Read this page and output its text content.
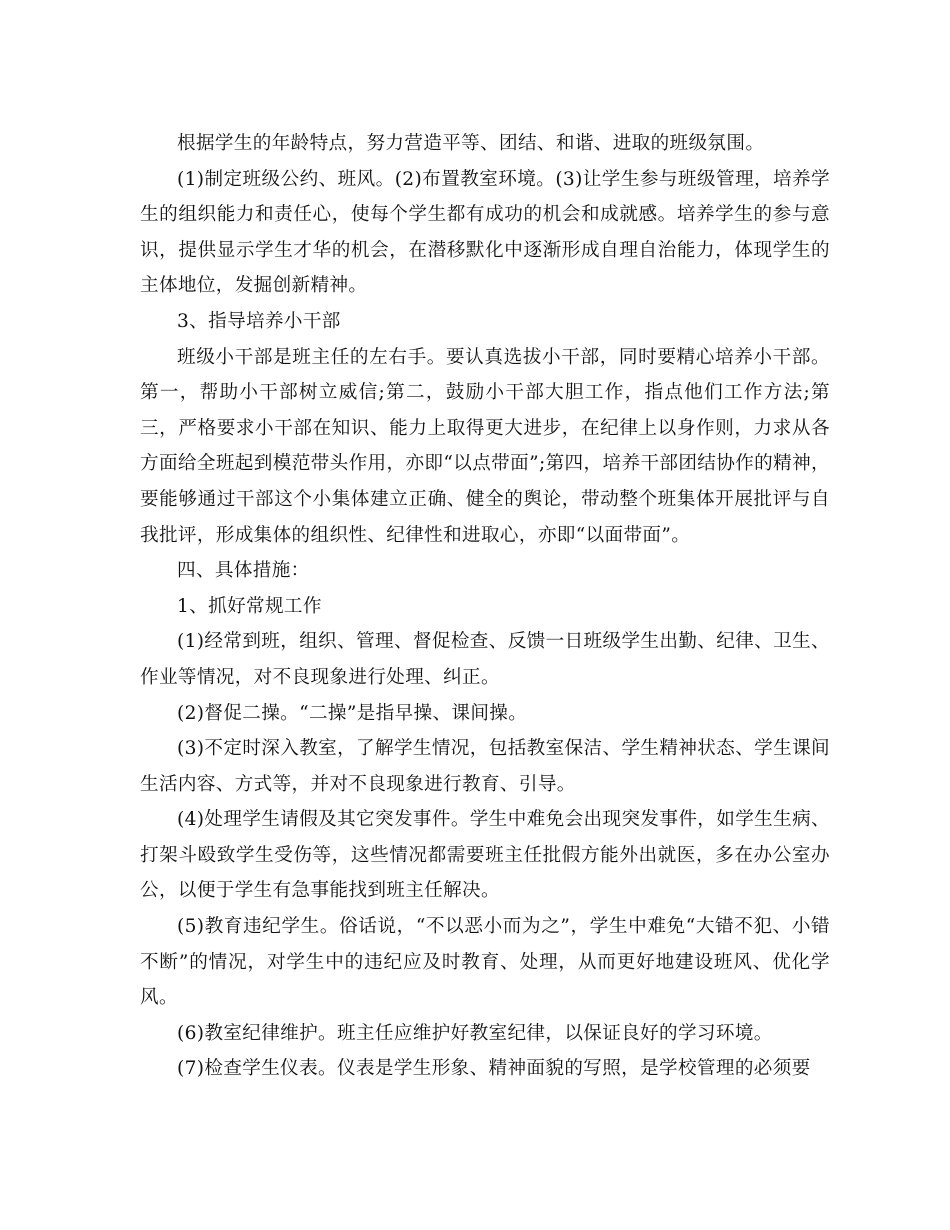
根据学生的年龄特点，努力营造平等、团结、和谐、进取的班级氛围。

(1)制定班级公约、班风。(2)布置教室环境。(3)让学生参与班级管理，培养学生的组织能力和责任心，使每个学生都有成功的机会和成就感。培养学生的参与意识，提供显示学生才华的机会，在潜移默化中逐渐形成自理自治能力，体现学生的主体地位，发掘创新精神。

3、指导培养小干部

班级小干部是班主任的左右手。要认真选拔小干部，同时要精心培养小干部。第一，帮助小干部树立威信;第二，鼓励小干部大胆工作，指点他们工作方法;第三，严格要求小干部在知识、能力上取得更大进步，在纪律上以身作则，力求从各方面给全班起到模范带头作用，亦即“以点带面”;第四，培养干部团结协作的精神，要能够通过干部这个小集体建立正确、健全的舆论，带动整个班集体开展批评与自我批评，形成集体的组织性、纪律性和进取心，亦即“以面带面”。

四、具体措施：

1、抓好常规工作

(1)经常到班，组织、管理、督促检查、反馈一日班级学生出勤、纪律、卫生、作业等情况，对不良现象进行处理、纠正。

(2)督促二操。“二操”是指早操、课间操。

(3)不定时深入教室，了解学生情况，包括教室保洁、学生精神状态、学生课间生活内容、方式等，并对不良现象进行教育、引导。

(4)处理学生请假及其它突发事件。学生中难免会出现突发事件，如学生生病、打架斗殴致学生受伤等，这些情况都需要班主任批假方能外出就医，多在办公室办公，以便于学生有急事能找到班主任解决。

(5)教育违纪学生。俗话说，“不以恶小而为之”，学生中难免“大错不犯、小错不断”的情况，对学生中的违纪应及时教育、处理，从而更好地建设班风、优化学风。

(6)教室纪律维护。班主任应维护好教室纪律，以保证良好的学习环境。

(7)检查学生仪表。仪表是学生形象、精神面貌的写照，是学校管理的必须要
